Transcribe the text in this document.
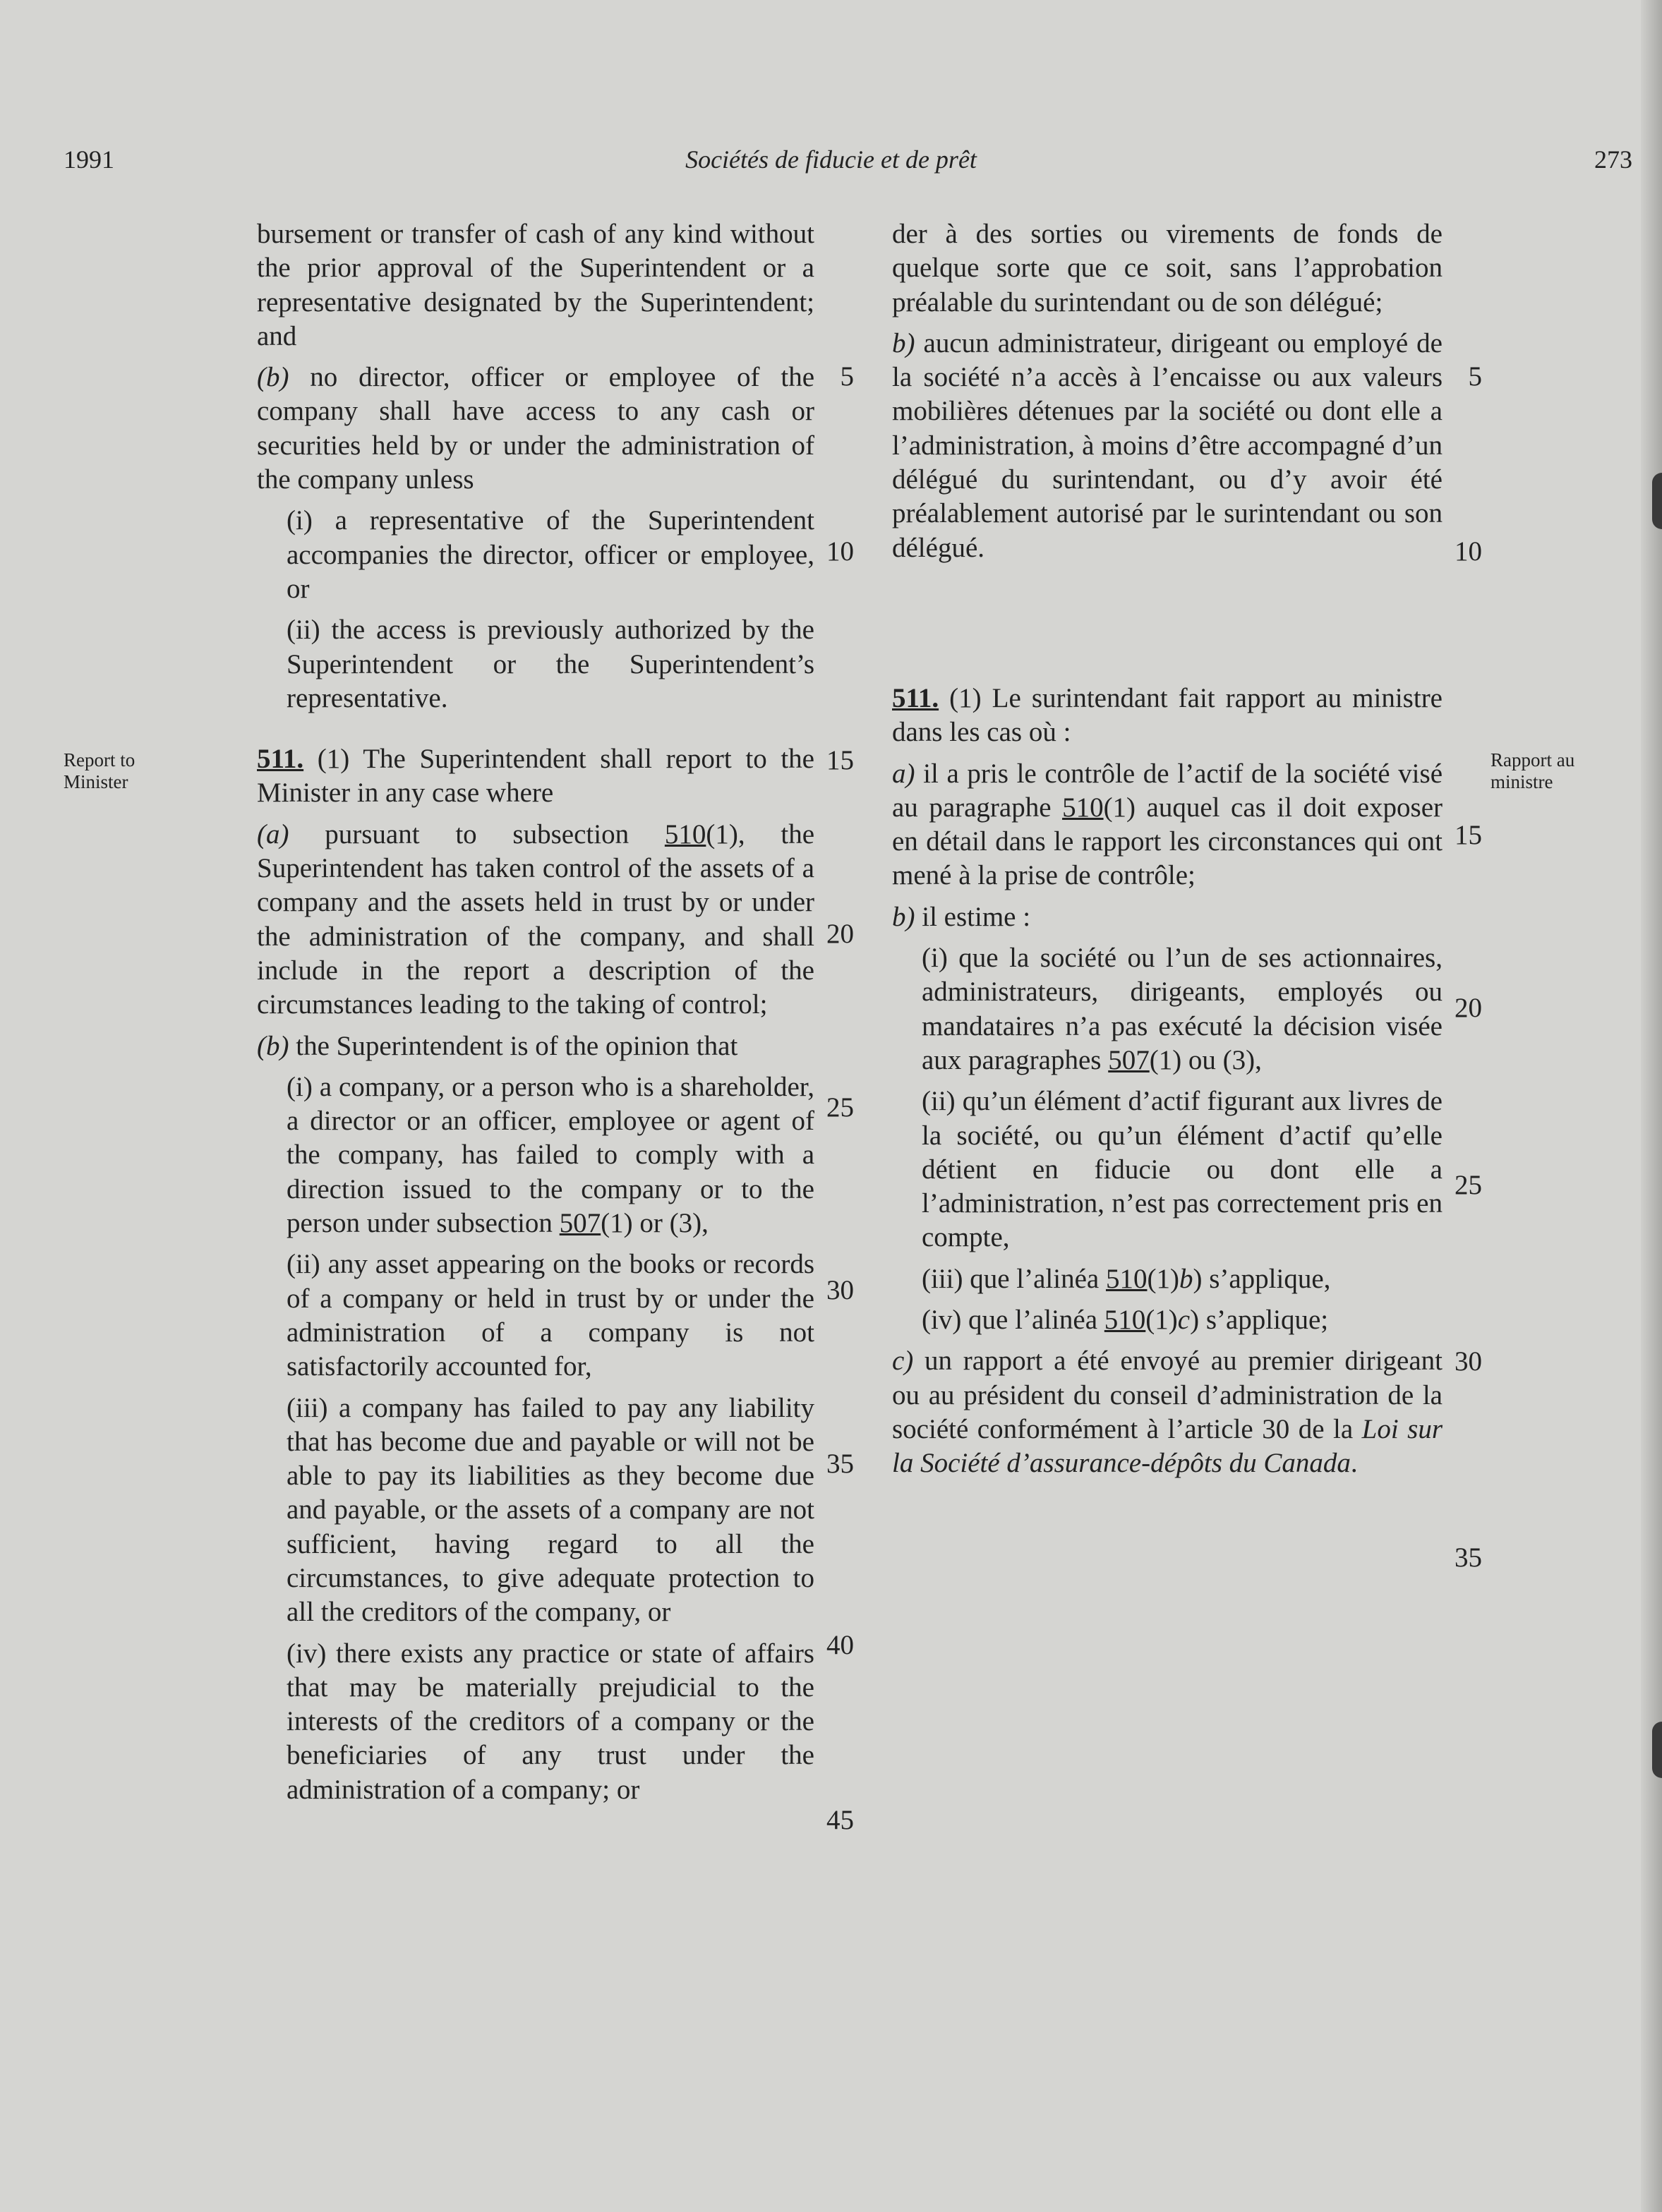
1991	Sociétés de fiducie et de prêt	273
Report to
Minister
Rapport au
ministre

bursement or transfer of cash of any kind without the prior approval of the Superintendent or a representative designated by the Superintendent; and

(b) no director, officer or employee of the company shall have access to any cash or securities held by or under the administration of the company unless

(i) a representative of the Superintendent accompanies the director, officer or employee, or

(ii) the access is previously authorized by the Superintendent or the Superintendent’s representative.

511. (1) The Superintendent shall report to the Minister in any case where

(a) pursuant to subsection 510(1), the Superintendent has taken control of the assets of a company and the assets held in trust by or under the administration of the company, and shall include in the report a description of the circumstances leading to the taking of control;

(b) the Superintendent is of the opinion that

(i) a company, or a person who is a shareholder, a director or an officer, employee or agent of the company, has failed to comply with a direction issued to the company or to the person under subsection 507(1) or (3),

(ii) any asset appearing on the books or records of a company or held in trust by or under the administration of a company is not satisfactorily accounted for,

(iii) a company has failed to pay any liability that has become due and payable or will not be able to pay its liabilities as they become due and payable, or the assets of a company are not sufficient, having regard to all the circumstances, to give adequate protection to all the creditors of the company, or

(iv) there exists any practice or state of affairs that may be materially prejudicial to the interests of the creditors of a company or the beneficiaries of any trust under the administration of a company; or

der à des sorties ou virements de fonds de quelque sorte que ce soit, sans l’approbation préalable du surintendant ou de son délégué;

b) aucun administrateur, dirigeant ou employé de la société n’a accès à l’encaisse ou aux valeurs mobilières détenues par la société ou dont elle a l’administration, à moins d’être accompagné d’un délégué du surintendant, ou d’y avoir été préalablement autorisé par le surintendant ou son délégué.

511. (1) Le surintendant fait rapport au ministre dans les cas où :

a) il a pris le contrôle de l’actif de la société visé au paragraphe 510(1) auquel cas il doit exposer en détail dans le rapport les circonstances qui ont mené à la prise de contrôle;

b) il estime :

(i) que la société ou l’un de ses actionnaires, administrateurs, dirigeants, employés ou mandataires n’a pas exécuté la décision visée aux paragraphes 507(1) ou (3),

(ii) qu’un élément d’actif figurant aux livres de la société, ou qu’un élément d’actif qu’elle détient en fiducie ou dont elle a l’administration, n’est pas correctement pris en compte,

(iii) que l’alinéa 510(1)b) s’applique,

(iv) que l’alinéa 510(1)c) s’applique;

c) un rapport a été envoyé au premier dirigeant ou au président du conseil d’administration de la société conformément à l’article 30 de la Loi sur la Société d’assurance-dépôts du Canada.

5
10
15
20
25
30
35
40
45
5
10
15
20
25
30
35
